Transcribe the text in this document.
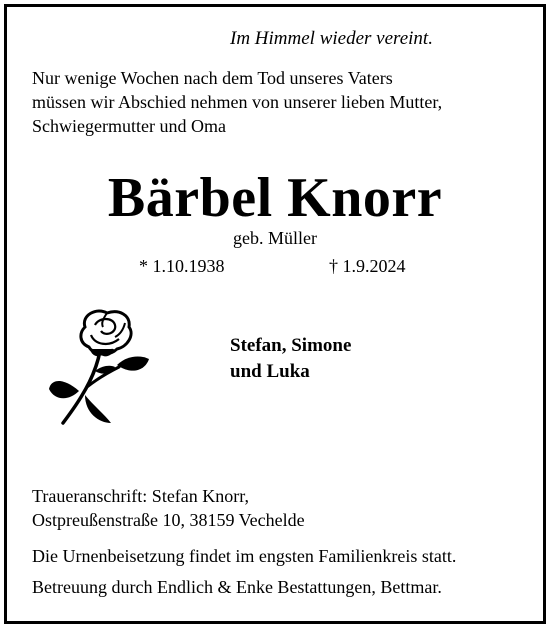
Im Himmel wieder vereint.
Nur wenige Wochen nach dem Tod unseres Vaters
müssen wir Abschied nehmen von unserer lieben Mutter,
Schwiegermutter und Oma
Bärbel Knorr
geb. Müller
* 1.10.1938	† 1.9.2024
Stefan, Simone
und Luka
Traueranschrift: Stefan Knorr,
Ostpreußenstraße 10, 38159 Vechelde
Die Urnenbeisetzung findet im engsten Familienkreis statt.
Betreuung durch Endlich & Enke Bestattungen, Bettmar.
